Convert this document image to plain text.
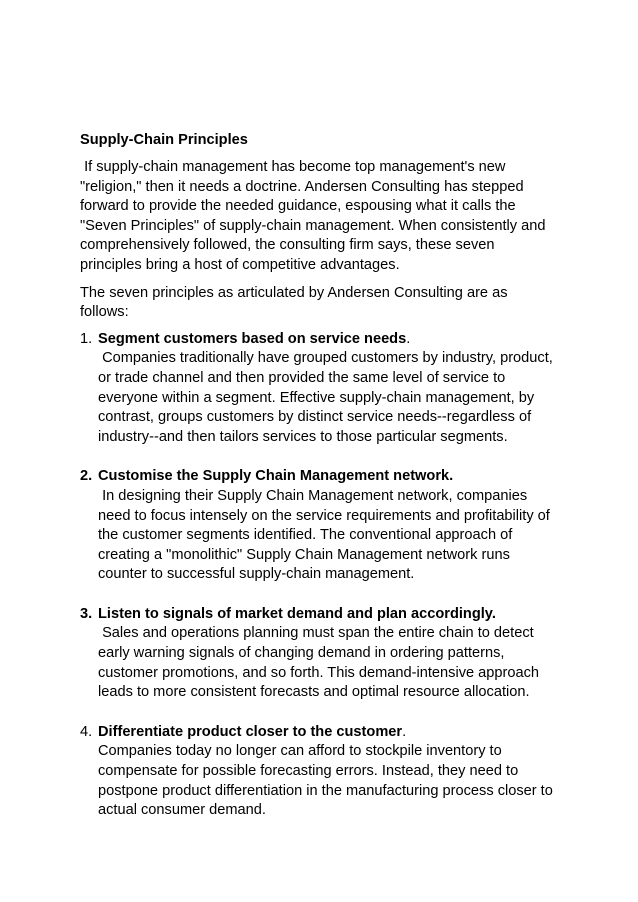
Supply-Chain Principles
If supply-chain management has become top management's new "religion," then it needs a doctrine. Andersen Consulting has stepped forward to provide the needed guidance, espousing what it calls the "Seven Principles" of supply-chain management. When consistently and comprehensively followed, the consulting firm says, these seven principles bring a host of competitive advantages.
The seven principles as articulated by Andersen Consulting are as follows:
1. Segment customers based on service needs.
Companies traditionally have grouped customers by industry, product, or trade channel and then provided the same level of service to everyone within a segment. Effective supply-chain management, by contrast, groups customers by distinct service needs--regardless of industry--and then tailors services to those particular segments.
2. Customise the Supply Chain Management network.
In designing their Supply Chain Management network, companies need to focus intensely on the service requirements and profitability of the customer segments identified. The conventional approach of creating a "monolithic" Supply Chain Management network runs counter to successful supply-chain management.
3. Listen to signals of market demand and plan accordingly.
Sales and operations planning must span the entire chain to detect early warning signals of changing demand in ordering patterns, customer promotions, and so forth. This demand-intensive approach leads to more consistent forecasts and optimal resource allocation.
4. Differentiate product closer to the customer.
Companies today no longer can afford to stockpile inventory to compensate for possible forecasting errors. Instead, they need to postpone product differentiation in the manufacturing process closer to actual consumer demand.
